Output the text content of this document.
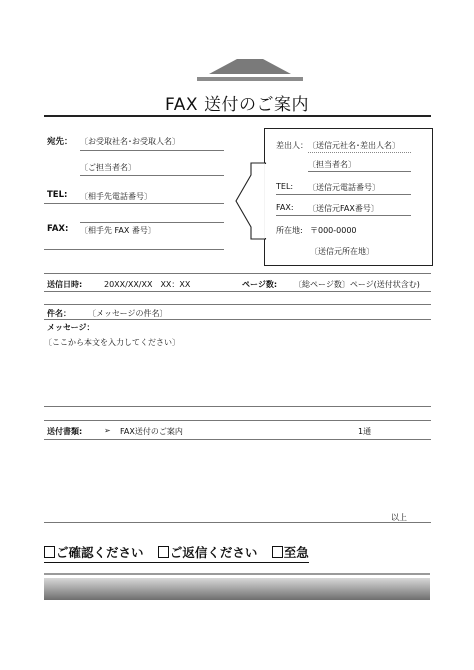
FAX 送付のご案内
宛先： 〔お受取社名･お受取人名〕
〔ご担当者名〕
TEL: 〔相手先電話番号〕
FAX: 〔相手先 FAX 番号〕
差出人： 〔送信元社名･差出人名〕
〔担当者名〕
TEL: 〔送信元電話番号〕
FAX: 〔送信元FAX番号〕
所在地: 〒000-0000
〔送信元所在地〕
送信日時:	20XX/XX/XX　XX：XX	ページ数: 〔総ページ数〕ページ(送付状含む)
件名： 〔メッセージの件名〕
メッセージ：
〔ここから本文を入力してください〕
送付書類:	➢ FAX送付のご案内	1通
以上
ご確認ください ご返信ください 至急
